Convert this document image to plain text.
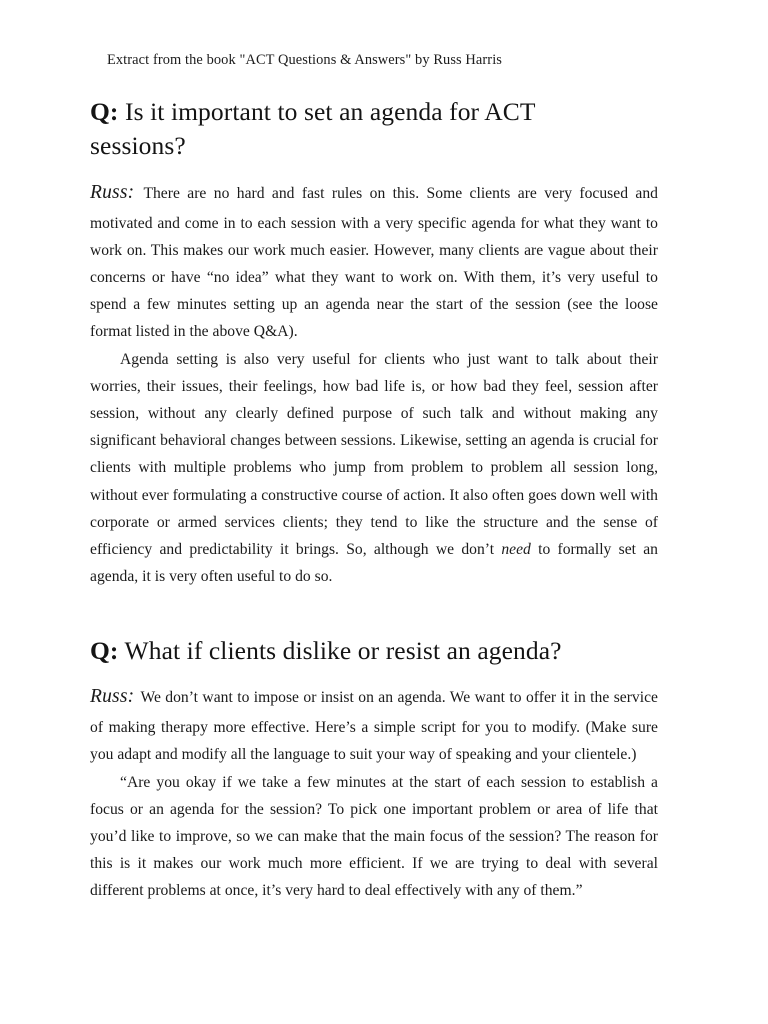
Extract from the book "ACT Questions & Answers" by Russ Harris
Q: Is it important to set an agenda for ACT sessions?

Russ: There are no hard and fast rules on this. Some clients are very focused and motivated and come in to each session with a very specific agenda for what they want to work on. This makes our work much easier. However, many clients are vague about their concerns or have “no idea” what they want to work on. With them, it’s very useful to spend a few minutes setting up an agenda near the start of the session (see the loose format listed in the above Q&A).

Agenda setting is also very useful for clients who just want to talk about their worries, their issues, their feelings, how bad life is, or how bad they feel, session after session, without any clearly defined purpose of such talk and without making any significant behavioral changes between sessions. Likewise, setting an agenda is crucial for clients with multiple problems who jump from problem to problem all session long, without ever formulating a constructive course of action. It also often goes down well with corporate or armed services clients; they tend to like the structure and the sense of efficiency and predictability it brings. So, although we don’t need to formally set an agenda, it is very often useful to do so.

Q: What if clients dislike or resist an agenda?

Russ: We don’t want to impose or insist on an agenda. We want to offer it in the service of making therapy more effective. Here’s a simple script for you to modify. (Make sure you adapt and modify all the language to suit your way of speaking and your clientele.)

“Are you okay if we take a few minutes at the start of each session to establish a focus or an agenda for the session? To pick one important problem or area of life that you’d like to improve, so we can make that the main focus of the session? The reason for this is it makes our work much more efficient. If we are trying to deal with several different problems at once, it’s very hard to deal effectively with any of them.”
